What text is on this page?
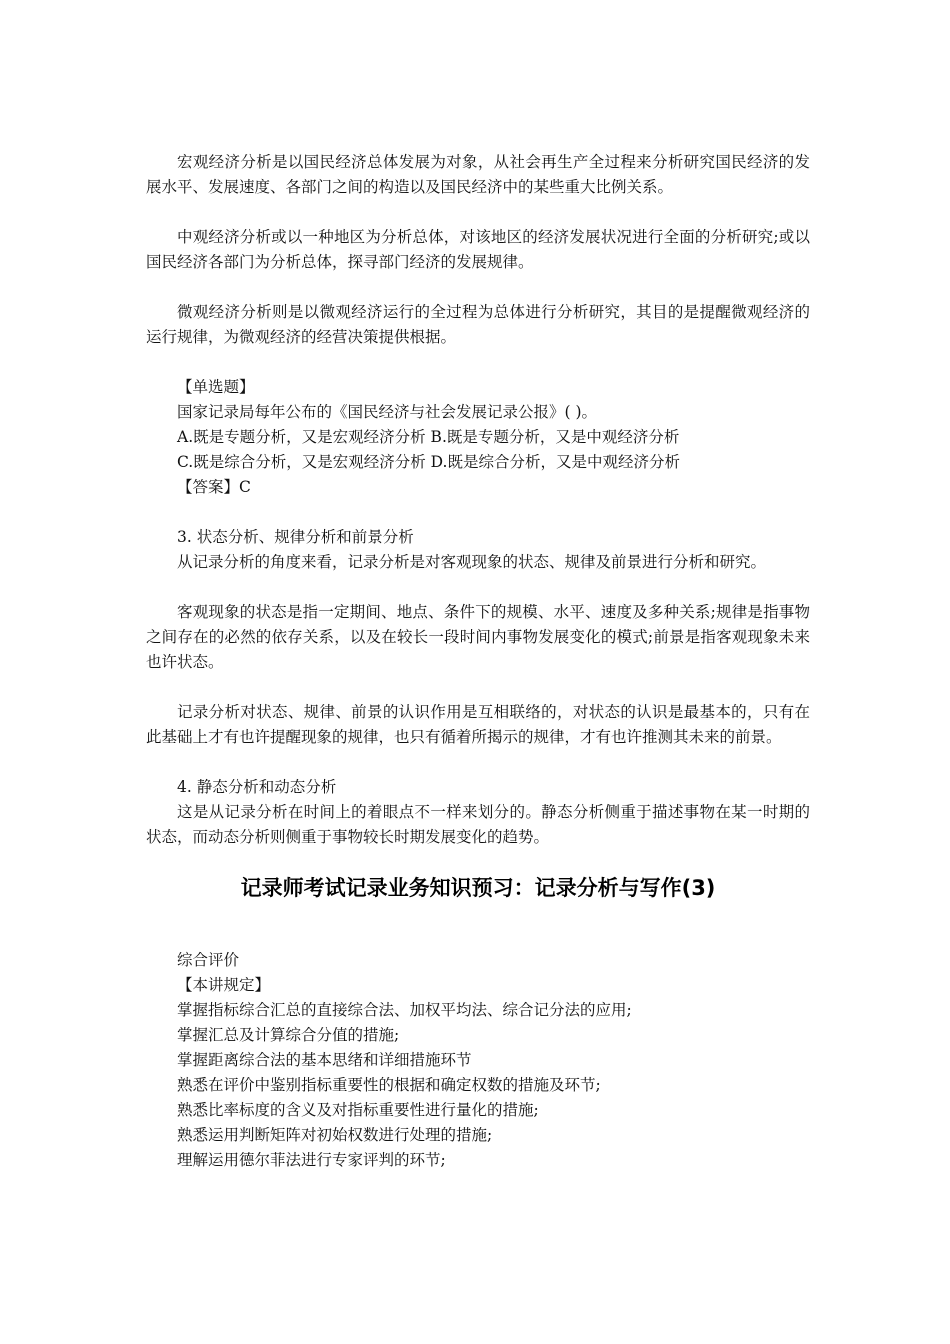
宏观经济分析是以国民经济总体发展为对象，从社会再生产全过程来分析研究国民经济的发展水平、发展速度、各部门之间的构造以及国民经济中的某些重大比例关系。

中观经济分析或以一种地区为分析总体，对该地区的经济发展状况进行全面的分析研究;或以国民经济各部门为分析总体，探寻部门经济的发展规律。

微观经济分析则是以微观经济运行的全过程为总体进行分析研究，其目的是提醒微观经济的运行规律，为微观经济的经营决策提供根据。

【单选题】

国家记录局每年公布的《国民经济与社会发展记录公报》( )。

A.既是专题分析，又是宏观经济分析 B.既是专题分析，又是中观经济分析

C.既是综合分析，又是宏观经济分析 D.既是综合分析，又是中观经济分析

【答案】C

3. 状态分析、规律分析和前景分析

从记录分析的角度来看，记录分析是对客观现象的状态、规律及前景进行分析和研究。

客观现象的状态是指一定期间、地点、条件下的规模、水平、速度及多种关系;规律是指事物之间存在的必然的依存关系，以及在较长一段时间内事物发展变化的模式;前景是指客观现象未来也许状态。

记录分析对状态、规律、前景的认识作用是互相联络的，对状态的认识是最基本的，只有在此基础上才有也许提醒现象的规律，也只有循着所揭示的规律，才有也许推测其未来的前景。

4. 静态分析和动态分析

这是从记录分析在时间上的着眼点不一样来划分的。静态分析侧重于描述事物在某一时期的状态，而动态分析则侧重于事物较长时期发展变化的趋势。

记录师考试记录业务知识预习：记录分析与写作(3)

综合评价

【本讲规定】

掌握指标综合汇总的直接综合法、加权平均法、综合记分法的应用;

掌握汇总及计算综合分值的措施;

掌握距离综合法的基本思绪和详细措施环节

熟悉在评价中鉴别指标重要性的根据和确定权数的措施及环节;

熟悉比率标度的含义及对指标重要性进行量化的措施;

熟悉运用判断矩阵对初始权数进行处理的措施;

理解运用德尔菲法进行专家评判的环节;
